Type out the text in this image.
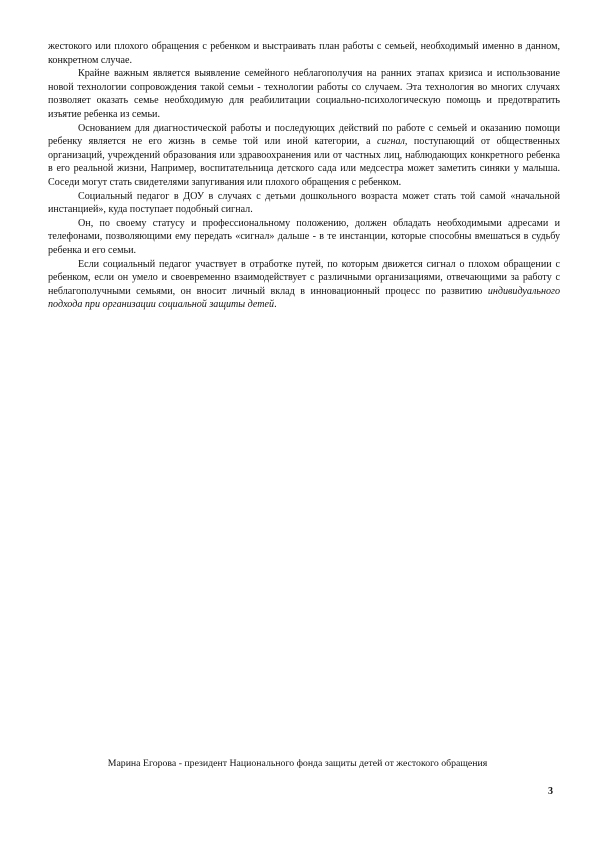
жестокого или плохого обращения с ребенком и выстраивать план работы с семьей, необходимый именно в данном, конкретном случае.

Крайне важным является выявление семейного неблагополучия на ранних этапах кризиса и использование новой технологии сопровождения такой семьи - технологии работы со случаем. Эта технология во многих случаях позволяет оказать семье необходимую для реабилитации социально-психологическую помощь и предотвратить изъятие ребенка из семьи.

Основанием для диагностической работы и последующих действий по работе с семьей и оказанию помощи ребенку является не его жизнь в семье той или иной категории, а сигнал, поступающий от общественных организаций, учреждений образования или здравоохранения или от частных лиц, наблюдающих конкретного ребенка в его реальной жизни, Например, воспитательница детского сада или медсестра может заметить синяки у малыша. Соседи могут стать свидетелями запугивания или плохого обращения с ребенком.

Социальный педагог в ДОУ в случаях с детьми дошкольного возраста может стать той самой «начальной инстанцией», куда поступает подобный сигнал.

Он, по своему статусу и профессиональному положению, должен обладать необходимыми адресами и телефонами, позволяющими ему передать «сигнал» дальше - в те инстанции, которые способны вмешаться в судьбу ребенка и его семьи.

Если социальный педагог участвует в отработке путей, по которым движется сигнал о плохом обращении с ребенком, если он умело и своевременно взаимодействует с различными организациями, отвечающими за работу с неблагополучными семьями, он вносит личный вклад в инновационный процесс по развитию индивидуального подхода при организации социальной защиты детей.

Марина Егорова - президент Национального фонда защиты детей от жестокого обращения
3
